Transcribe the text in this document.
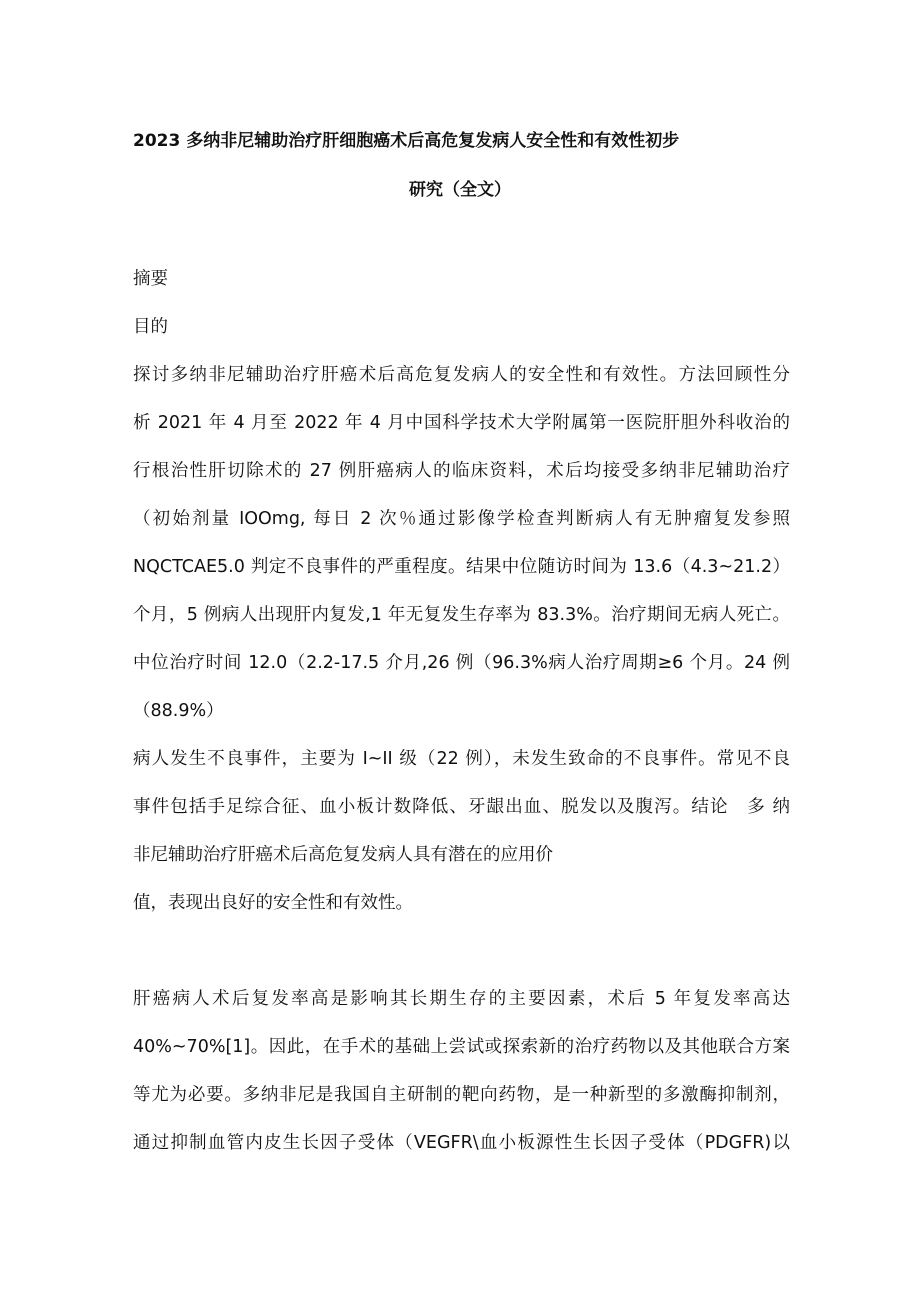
2023 多纳非尼辅助治疗肝细胞癌术后高危复发病人安全性和有效性初步
研究（全文）
摘要
目的
探讨多纳非尼辅助治疗肝癌术后高危复发病人的安全性和有效性。方法回顾性分
析 2021 年 4 月至 2022 年 4 月中国科学技术大学附属第一医院肝胆外科收治的
行根治性肝切除术的 27 例肝癌病人的临床资料，术后均接受多纳非尼辅助治疗
（初始剂量 IOOmg, 每日 2 次％通过影像学检查判断病人有无肿瘤复发参照
NQCTCAE5.0 判定不良事件的严重程度。结果中位随访时间为 13.6（4.3~21.2）
个月，5 例病人出现肝内复发,1 年无复发生存率为 83.3%。治疗期间无病人死亡。
中位治疗时间 12.0（2.2-17.5 介月,26 例（96.3%病人治疗周期≥6 个月。24 例
（88.9%）
病人发生不良事件，主要为 I~II 级（22 例），未发生致命的不良事件。常见不良
事件包括手足综合征、血小板计数降低、牙龈出血、脱发以及腹泻。结论　多 纳
非尼辅助治疗肝癌术后高危复发病人具有潜在的应用价
值，表现出良好的安全性和有效性。
肝癌病人术后复发率高是影响其长期生存的主要因素，术后 5 年复发率高达
40%~70%[1]。因此，在手术的基础上尝试或探索新的治疗药物以及其他联合方案
等尤为必要。多纳非尼是我国自主研制的靶向药物，是一种新型的多激酶抑制剂，
通过抑制血管内皮生长因子受体（VEGFR\血小板源性生长因子受体（PDGFR)以
